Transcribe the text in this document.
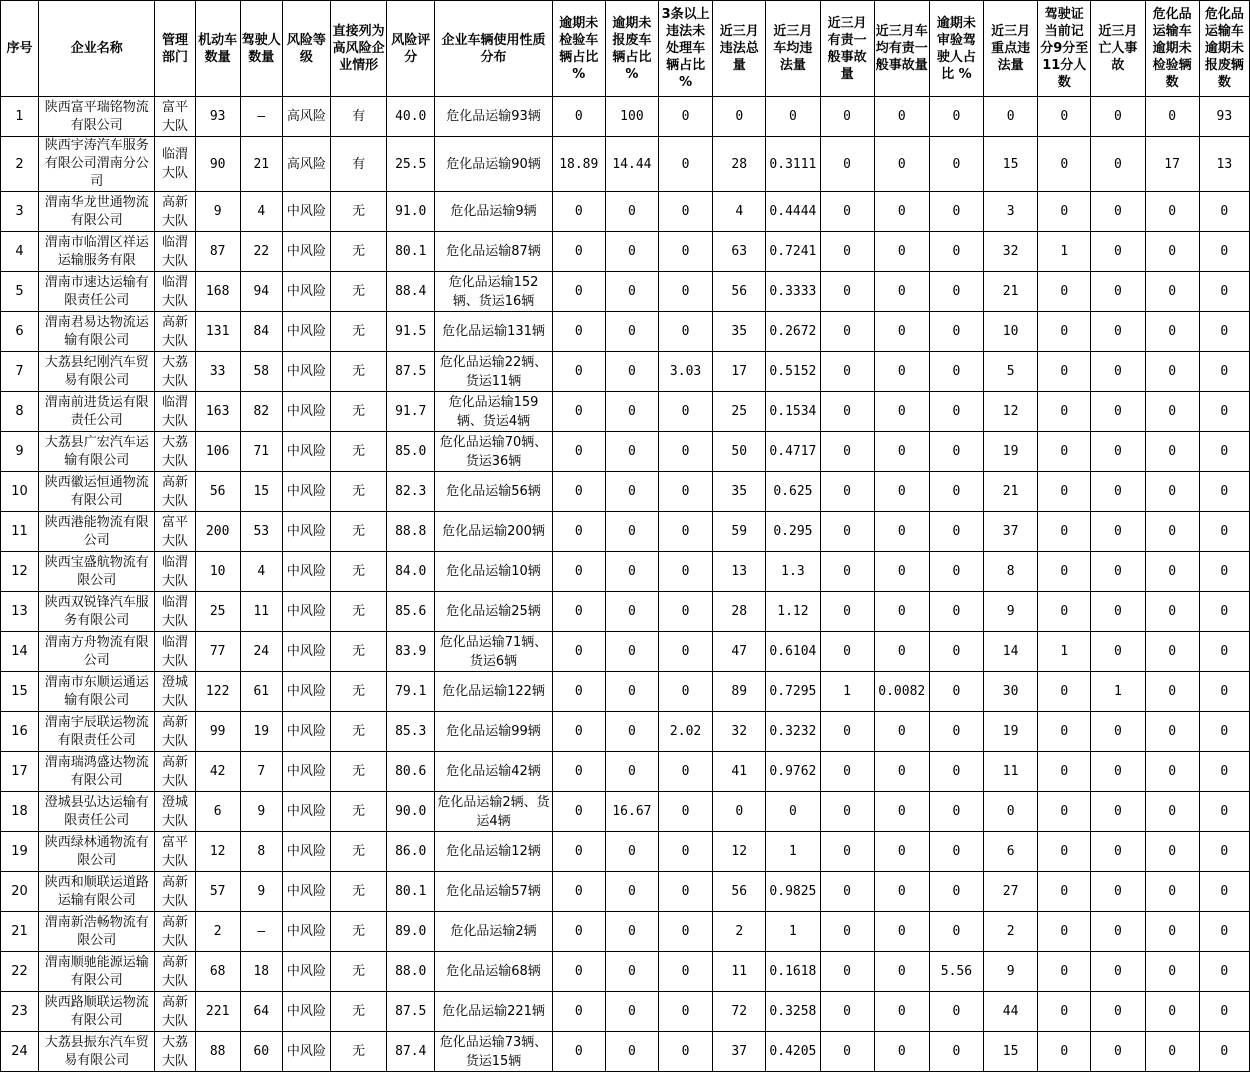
序号	企业名称	管理部门	机动车数量	驾驶人数量	风险等级	直接列为高风险企业情形	风险评分	企业车辆使用性质分布	逾期未检验车辆占比 %	逾期未报废车辆占比 %	3条以上违法未处理车辆占比 %	近三月违法总量	近三月车均违法量	近三月有责一般事故量	近三月车均有责一般事故量	逾期未审验驾驶人占比 %	近三月重点违法量	驾驶证当前记分9分至11分人数	近三月亡人事故	危化品运输车逾期未检验辆数	危化品运输车逾期未报废辆数
1	陕西富平瑞铭物流有限公司	富平大队	93	—	高风险	有	40.0	危化品运输93辆	0	100	0	0	0	0	0	0	0	0	0	0	93
2	陕西宇涛汽车服务有限公司渭南分公司	临渭大队	90	21	高风险	有	25.5	危化品运输90辆	18.89	14.44	0	28	0.3111	0	0	0	15	0	0	17	13
3	渭南华龙世通物流有限公司	高新大队	9	4	中风险	无	91.0	危化品运输9辆	0	0	0	4	0.4444	0	0	0	3	0	0	0	0
4	渭南市临渭区祥运运输服务有限	临渭大队	87	22	中风险	无	80.1	危化品运输87辆	0	0	0	63	0.7241	0	0	0	32	1	0	0	0
5	渭南市速达运输有限责任公司	临渭大队	168	94	中风险	无	88.4	危化品运输152辆、货运16辆	0	0	0	56	0.3333	0	0	0	21	0	0	0	0
6	渭南君易达物流运输有限公司	高新大队	131	84	中风险	无	91.5	危化品运输131辆	0	0	0	35	0.2672	0	0	0	10	0	0	0	0
7	大荔县纪刚汽车贸易有限公司	大荔大队	33	58	中风险	无	87.5	危化品运输22辆、货运11辆	0	0	3.03	17	0.5152	0	0	0	5	0	0	0	0
8	渭南前进货运有限责任公司	临渭大队	163	82	中风险	无	91.7	危化品运输159辆、货运4辆	0	0	0	25	0.1534	0	0	0	12	0	0	0	0
9	大荔县广宏汽车运输有限公司	大荔大队	106	71	中风险	无	85.0	危化品运输70辆、货运36辆	0	0	0	50	0.4717	0	0	0	19	0	0	0	0
10	陕西徽运恒通物流有限公司	高新大队	56	15	中风险	无	82.3	危化品运输56辆	0	0	0	35	0.625	0	0	0	21	0	0	0	0
11	陕西港能物流有限公司	富平大队	200	53	中风险	无	88.8	危化品运输200辆	0	0	0	59	0.295	0	0	0	37	0	0	0	0
12	陕西宝盛航物流有限公司	临渭大队	10	4	中风险	无	84.0	危化品运输10辆	0	0	0	13	1.3	0	0	0	8	0	0	0	0
13	陕西双锐锋汽车服务有限公司	临渭大队	25	11	中风险	无	85.6	危化品运输25辆	0	0	0	28	1.12	0	0	0	9	0	0	0	0
14	渭南方舟物流有限公司	临渭大队	77	24	中风险	无	83.9	危化品运输71辆、货运6辆	0	0	0	47	0.6104	0	0	0	14	1	0	0	0
15	渭南市东顺运通运输有限公司	澄城大队	122	61	中风险	无	79.1	危化品运输122辆	0	0	0	89	0.7295	1	0.0082	0	30	0	1	0	0
16	渭南宇辰联运物流有限责任公司	高新大队	99	19	中风险	无	85.3	危化品运输99辆	0	0	2.02	32	0.3232	0	0	0	19	0	0	0	0
17	渭南瑞鸿盛达物流有限公司	高新大队	42	7	中风险	无	80.6	危化品运输42辆	0	0	0	41	0.9762	0	0	0	11	0	0	0	0
18	澄城县弘达运输有限责任公司	澄城大队	6	9	中风险	无	90.0	危化品运输2辆、货运4辆	0	16.67	0	0	0	0	0	0	0	0	0	0	0
19	陕西绿林通物流有限公司	富平大队	12	8	中风险	无	86.0	危化品运输12辆	0	0	0	12	1	0	0	0	6	0	0	0	0
20	陕西和顺联运道路运输有限公司	高新大队	57	9	中风险	无	80.1	危化品运输57辆	0	0	0	56	0.9825	0	0	0	27	0	0	0	0
21	渭南新浩畅物流有限公司	高新大队	2	—	中风险	无	89.0	危化品运输2辆	0	0	0	2	1	0	0	0	2	0	0	0	0
22	渭南顺驰能源运输有限公司	高新大队	68	18	中风险	无	88.0	危化品运输68辆	0	0	0	11	0.1618	0	0	5.56	9	0	0	0	0
23	陕西路顺联运物流有限公司	高新大队	221	64	中风险	无	87.5	危化品运输221辆	0	0	0	72	0.3258	0	0	0	44	0	0	0	0
24	大荔县振东汽车贸易有限公司	大荔大队	88	60	中风险	无	87.4	危化品运输73辆、货运15辆	0	0	0	37	0.4205	0	0	0	15	0	0	0	0
